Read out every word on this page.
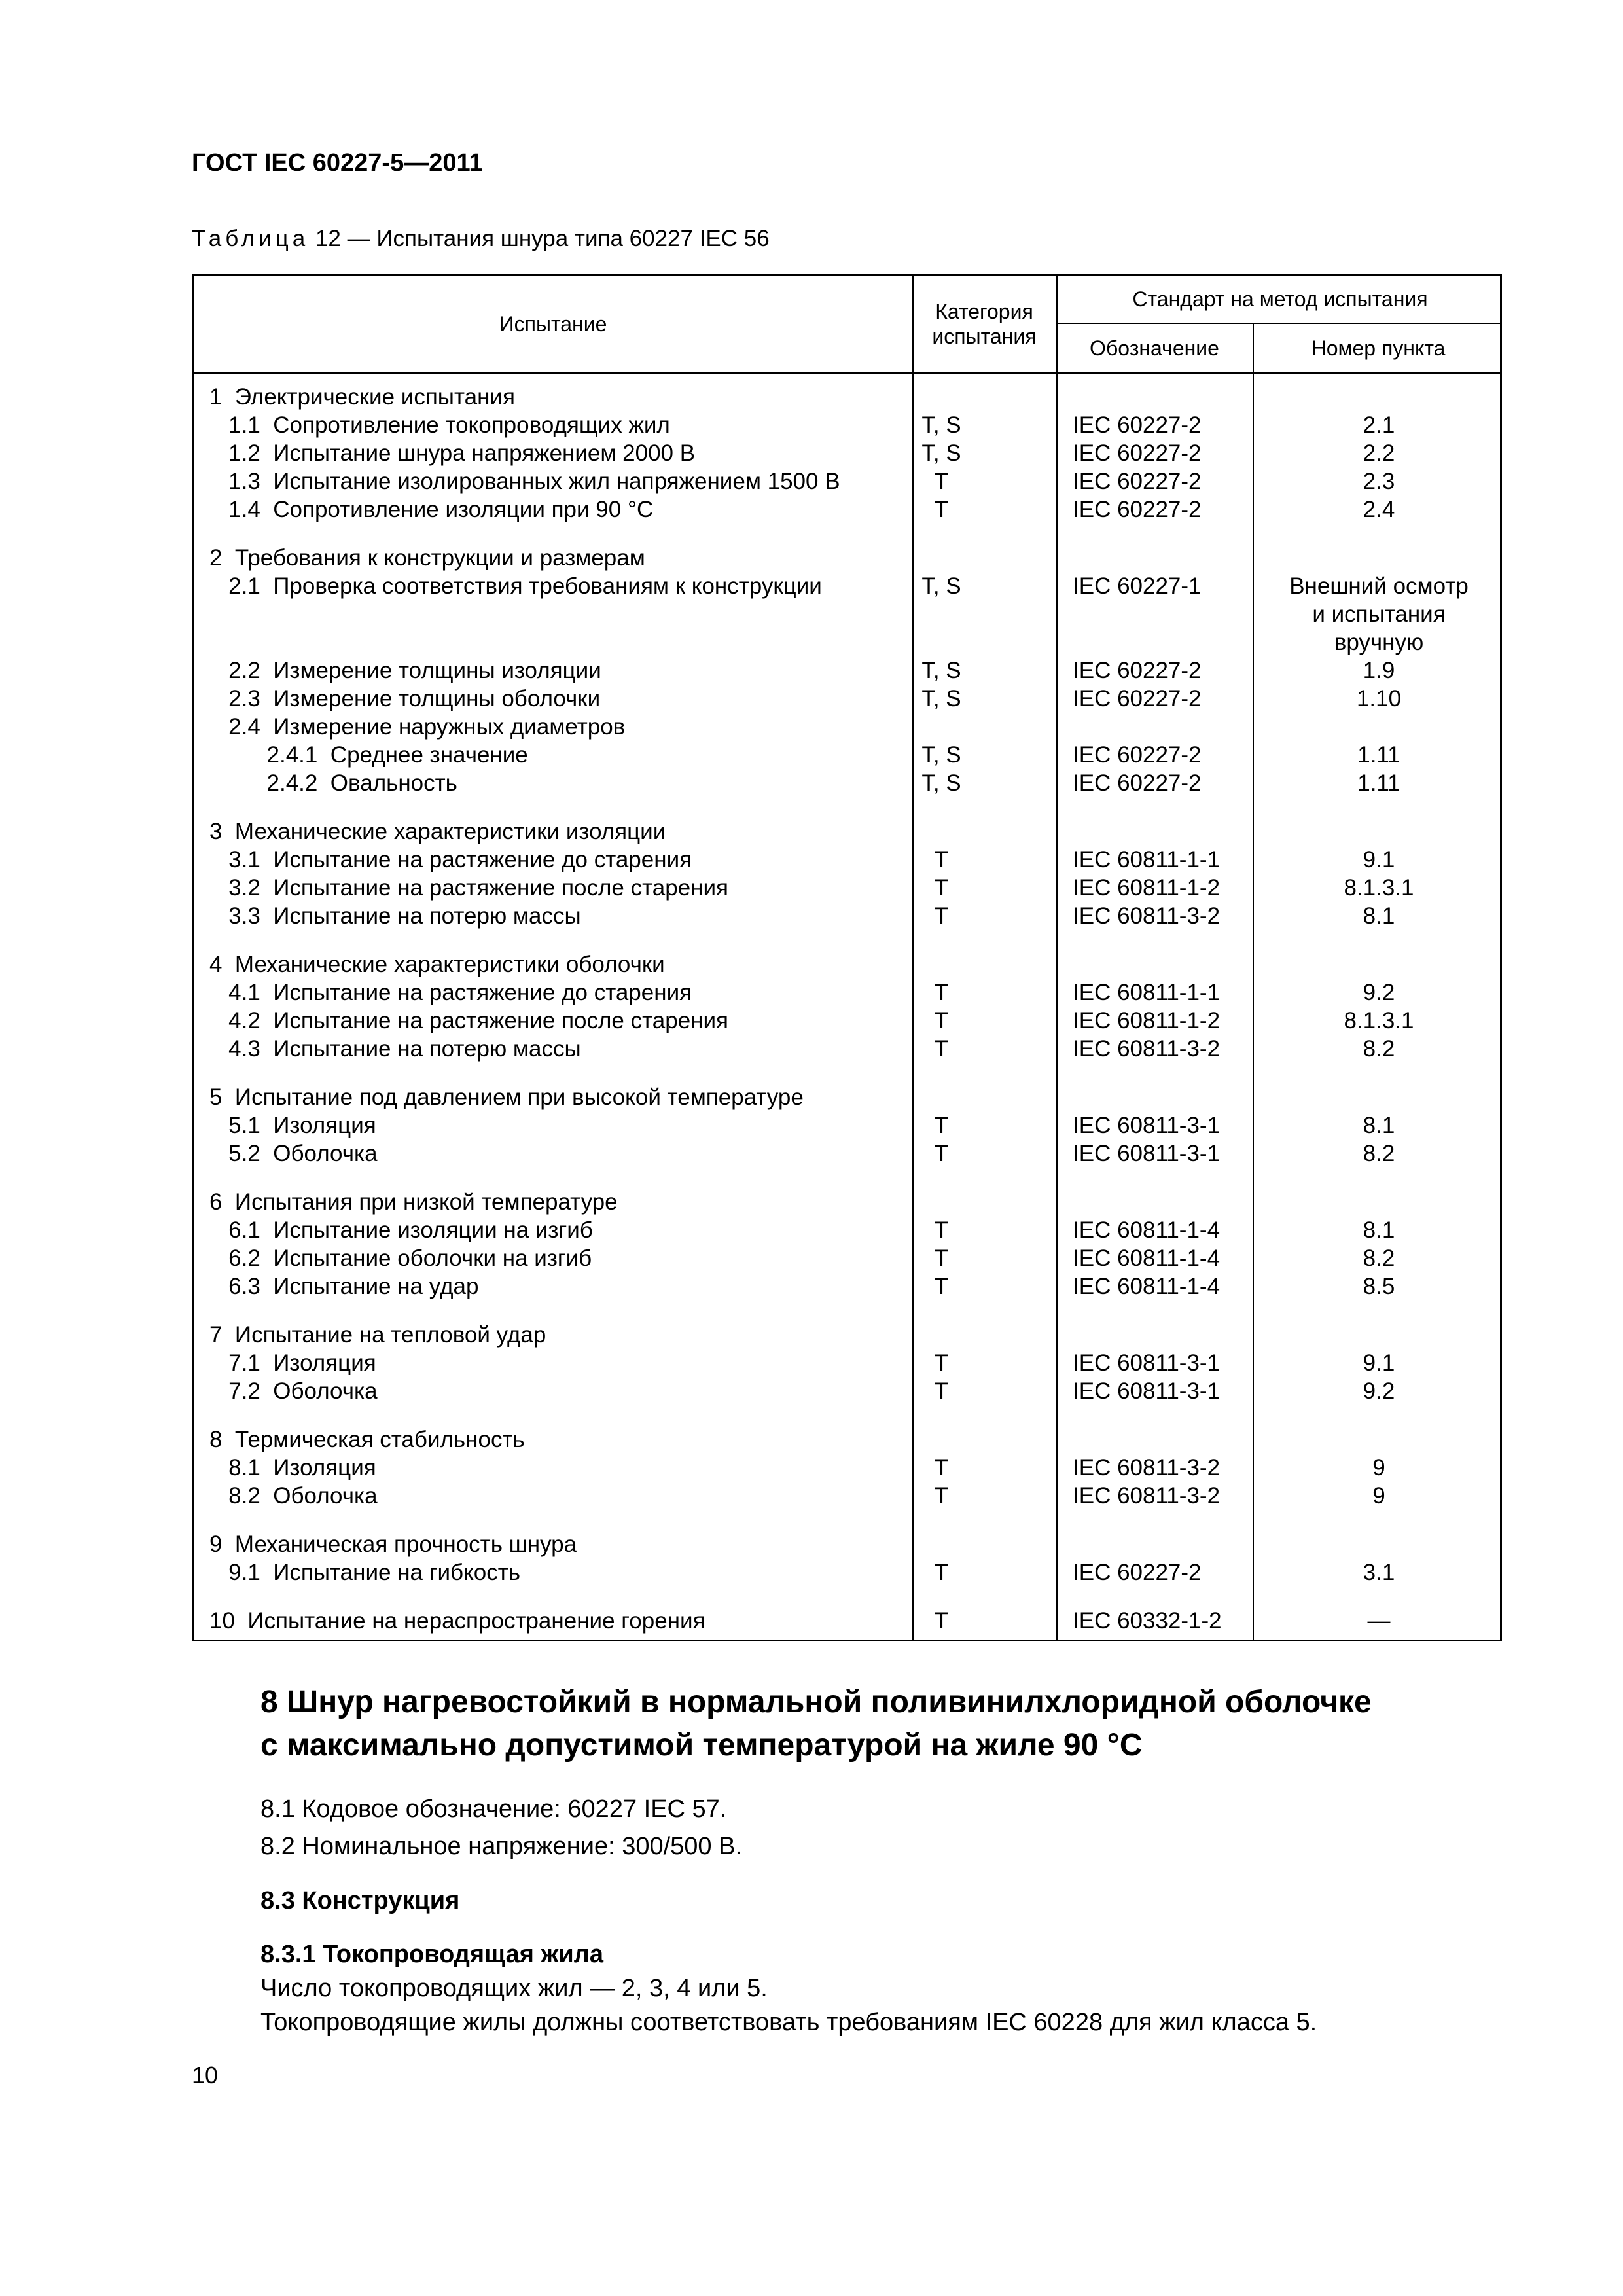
ГОСТ IEC 60227-5—2011
Таблица 12 — Испытания шнура типа 60227 IEC 56
Испытание
Категория
испытания
Стандарт на метод испытания
Обозначение	Номер пункта
1  Электрические испытания
1.1  Сопротивление токопроводящих жил	T, S	IEC 60227-2	2.1
1.2  Испытание шнура напряжением 2000 В	T, S	IEC 60227-2	2.2
1.3  Испытание изолированных жил напряжением 1500 В	T	IEC 60227-2	2.3
1.4  Сопротивление изоляции при 90 °С	T	IEC 60227-2	2.4
2  Требования к конструкции и размерам
2.1  Проверка соответствия требованиям к конструкции	T, S	IEC 60227-1	Внешний осмотр
и испытания
вручную
2.2  Измерение толщины изоляции	T, S	IEC 60227-2	1.9
2.3  Измерение толщины оболочки	T, S	IEC 60227-2	1.10
2.4  Измерение наружных диаметров
2.4.1  Среднее значение	T, S	IEC 60227-2	1.11
2.4.2  Овальность	T, S	IEC 60227-2	1.11
3  Механические характеристики изоляции
3.1  Испытание на растяжение до старения	T	IEC 60811-1-1	9.1
3.2  Испытание на растяжение после старения	T	IEC 60811-1-2	8.1.3.1
3.3  Испытание на потерю массы	T	IEC 60811-3-2	8.1
4  Механические характеристики оболочки
4.1  Испытание на растяжение до старения	T	IEC 60811-1-1	9.2
4.2  Испытание на растяжение после старения	T	IEC 60811-1-2	8.1.3.1
4.3  Испытание на потерю массы	T	IEC 60811-3-2	8.2
5  Испытание под давлением при высокой температуре
5.1  Изоляция	T	IEC 60811-3-1	8.1
5.2  Оболочка	T	IEC 60811-3-1	8.2
6  Испытания при низкой температуре
6.1  Испытание изоляции на изгиб	T	IEC 60811-1-4	8.1
6.2  Испытание оболочки на изгиб	T	IEC 60811-1-4	8.2
6.3  Испытание на удар	T	IEC 60811-1-4	8.5
7  Испытание на тепловой удар
7.1  Изоляция	T	IEC 60811-3-1	9.1
7.2  Оболочка	T	IEC 60811-3-1	9.2
8  Термическая стабильность
8.1  Изоляция	T	IEC 60811-3-2	9
8.2  Оболочка	T	IEC 60811-3-2	9
9  Механическая прочность шнура
9.1  Испытание на гибкость	T	IEC 60227-2	3.1
10  Испытание на нераспространение горения	T	IEC 60332-1-2	—
8 Шнур нагревостойкий в нормальной поливинилхлоридной оболочке
с максимально допустимой температурой на жиле 90 °С
8.1 Кодовое обозначение: 60227 IEC 57.
8.2 Номинальное напряжение: 300/500 В.
8.3 Конструкция
8.3.1 Токопроводящая жила
Число токопроводящих жил — 2, 3, 4 или 5.
Токопроводящие жилы должны соответствовать требованиям IEC 60228 для жил класса 5.
10
